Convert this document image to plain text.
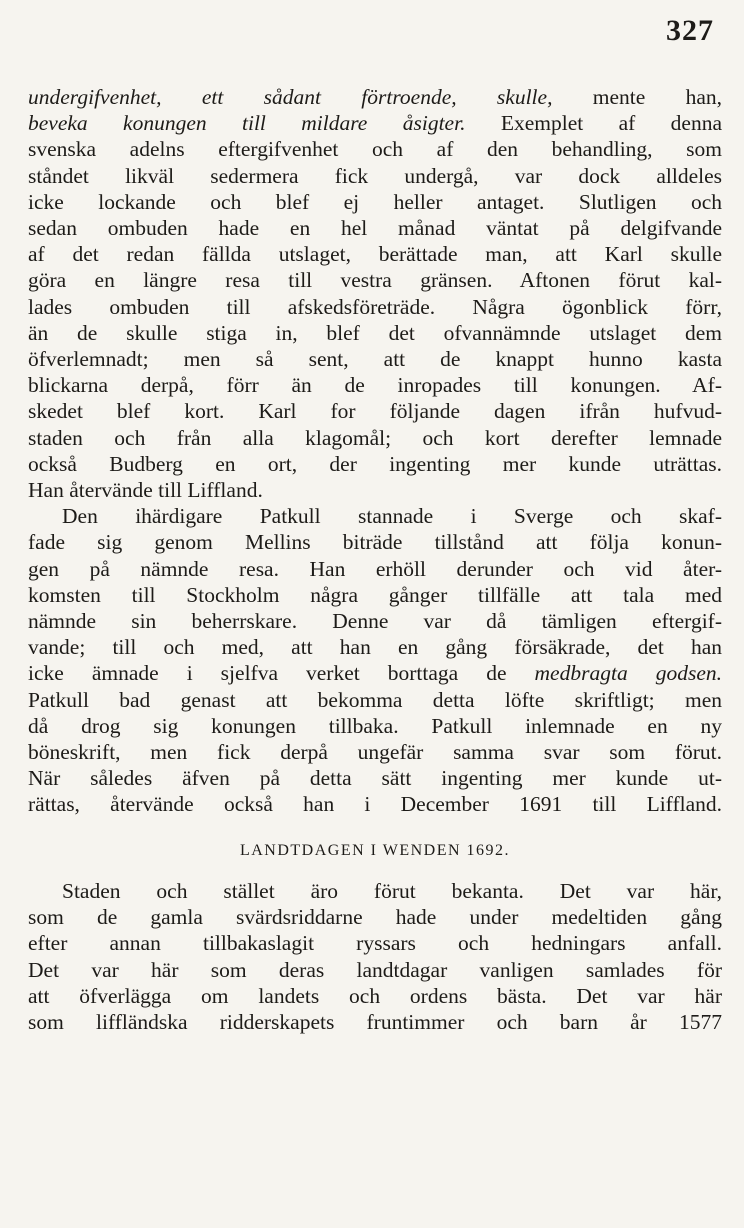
327
undergifvenhet, ett sådant förtroende, skulle, mente han,
beveka konungen till mildare åsigter. Exemplet af denna
svenska adelns eftergifvenhet och af den behandling, som
ståndet likväl sedermera fick undergå, var dock alldeles
icke lockande och blef ej heller antaget. Slutligen och
sedan ombuden hade en hel månad väntat på delgifvande
af det redan fällda utslaget, berättade man, att Karl skulle
göra en längre resa till vestra gränsen. Aftonen förut kal-
lades ombuden till afskedsföreträde. Några ögonblick förr,
än de skulle stiga in, blef det ofvannämnde utslaget dem
öfverlemnadt; men så sent, att de knappt hunno kasta
blickarna derpå, förr än de inropades till konungen. Af-
skedet blef kort. Karl for följande dagen ifrån hufvud-
staden och från alla klagomål; och kort derefter lemnade
också Budberg en ort, der ingenting mer kunde uträttas.
Han återvände till Liffland.
Den ihärdigare Patkull stannade i Sverge och skaf-
fade sig genom Mellins biträde tillstånd att följa konun-
gen på nämnde resa. Han erhöll derunder och vid åter-
komsten till Stockholm några gånger tillfälle att tala med
nämnde sin beherrskare. Denne var då tämligen eftergif-
vande; till och med, att han en gång försäkrade, det han
icke ämnade i sjelfva verket borttaga de medbragta godsen.
Patkull bad genast att bekomma detta löfte skriftligt; men
då drog sig konungen tillbaka. Patkull inlemnade en ny
böneskrift, men fick derpå ungefär samma svar som förut.
När således äfven på detta sätt ingenting mer kunde ut-
rättas, återvände också han i December 1691 till Liffland.
LANDTDAGEN I WENDEN 1692.
Staden och stället äro förut bekanta. Det var här,
som de gamla svärdsriddarne hade under medeltiden gång
efter annan tillbakaslagit ryssars och hedningars anfall.
Det var här som deras landtdagar vanligen samlades för
att öfverlägga om landets och ordens bästa. Det var här
som liffländska ridderskapets fruntimmer och barn år 1577
